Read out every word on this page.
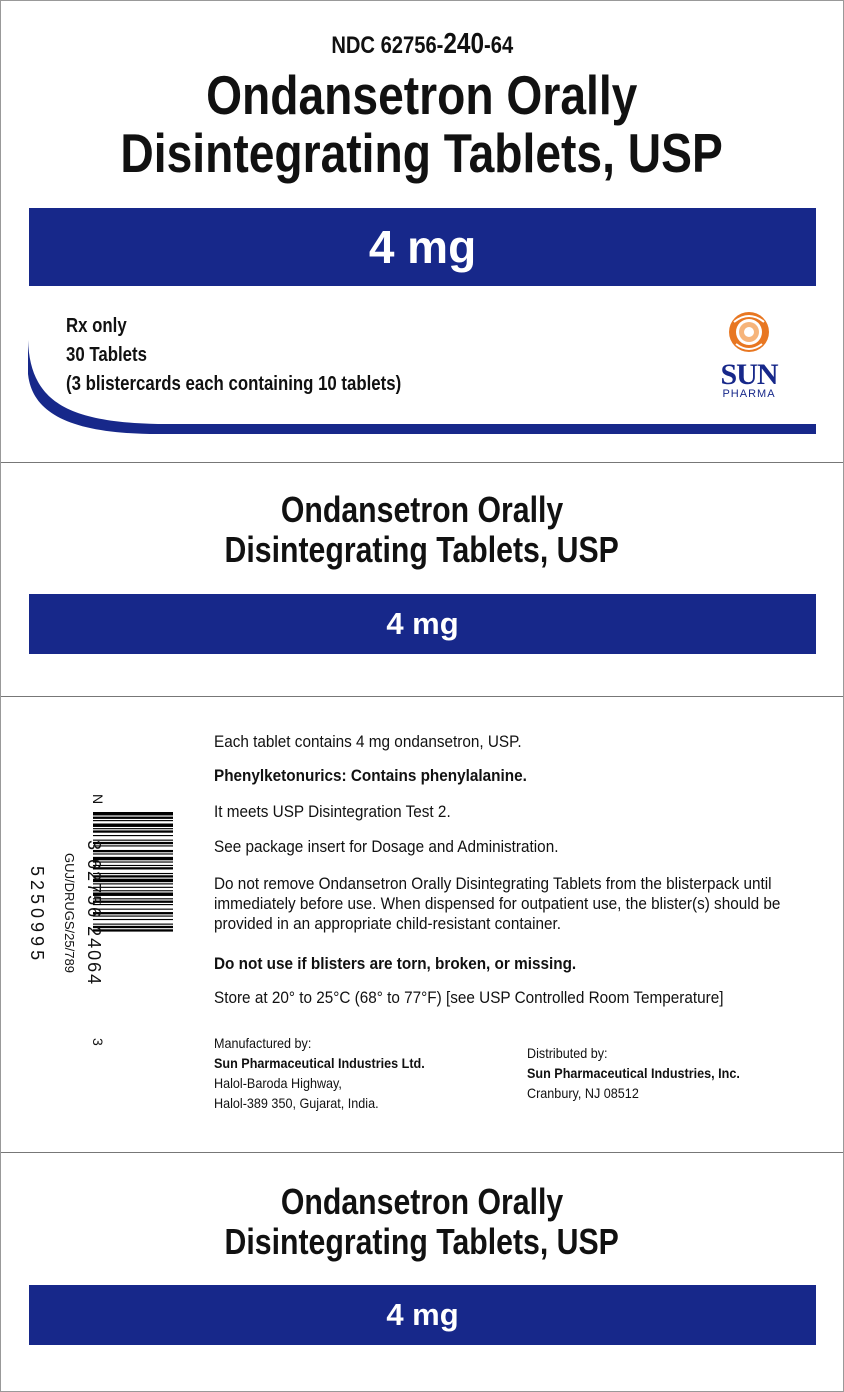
NDC 62756-240-64
Ondansetron Orally
Disintegrating Tablets, USP
4 mg
Rx only
30 Tablets
(3 blistercards each containing 10 tablets)	SUN
PHARMA
Ondansetron Orally
Disintegrating Tablets, USP
4 mg
Each tablet contains 4 mg ondansetron, USP.
Phenylketonurics: Contains phenylalanine.
It meets USP Disintegration Test 2.
See package insert for Dosage and Administration.
Do not remove Ondansetron Orally Disintegrating Tablets from the blisterpack until
immediately before use. When dispensed for outpatient use, the blister(s) should be
provided in an appropriate child-resistant container.
Do not use if blisters are torn, broken, or missing.
Store at 20° to 25°C (68° to 77°F) [see USP Controlled Room Temperature]
Manufactured by:
Sun Pharmaceutical Industries Ltd.
Halol-Baroda Highway,
Halol-389 350, Gujarat, India.
Distributed by:
Sun Pharmaceutical Industries, Inc.
Cranbury, NJ 08512
N
3 62756 24064
3
GUJ/DRUGS/25/789
5250995
Ondansetron Orally
Disintegrating Tablets, USP
4 mg
